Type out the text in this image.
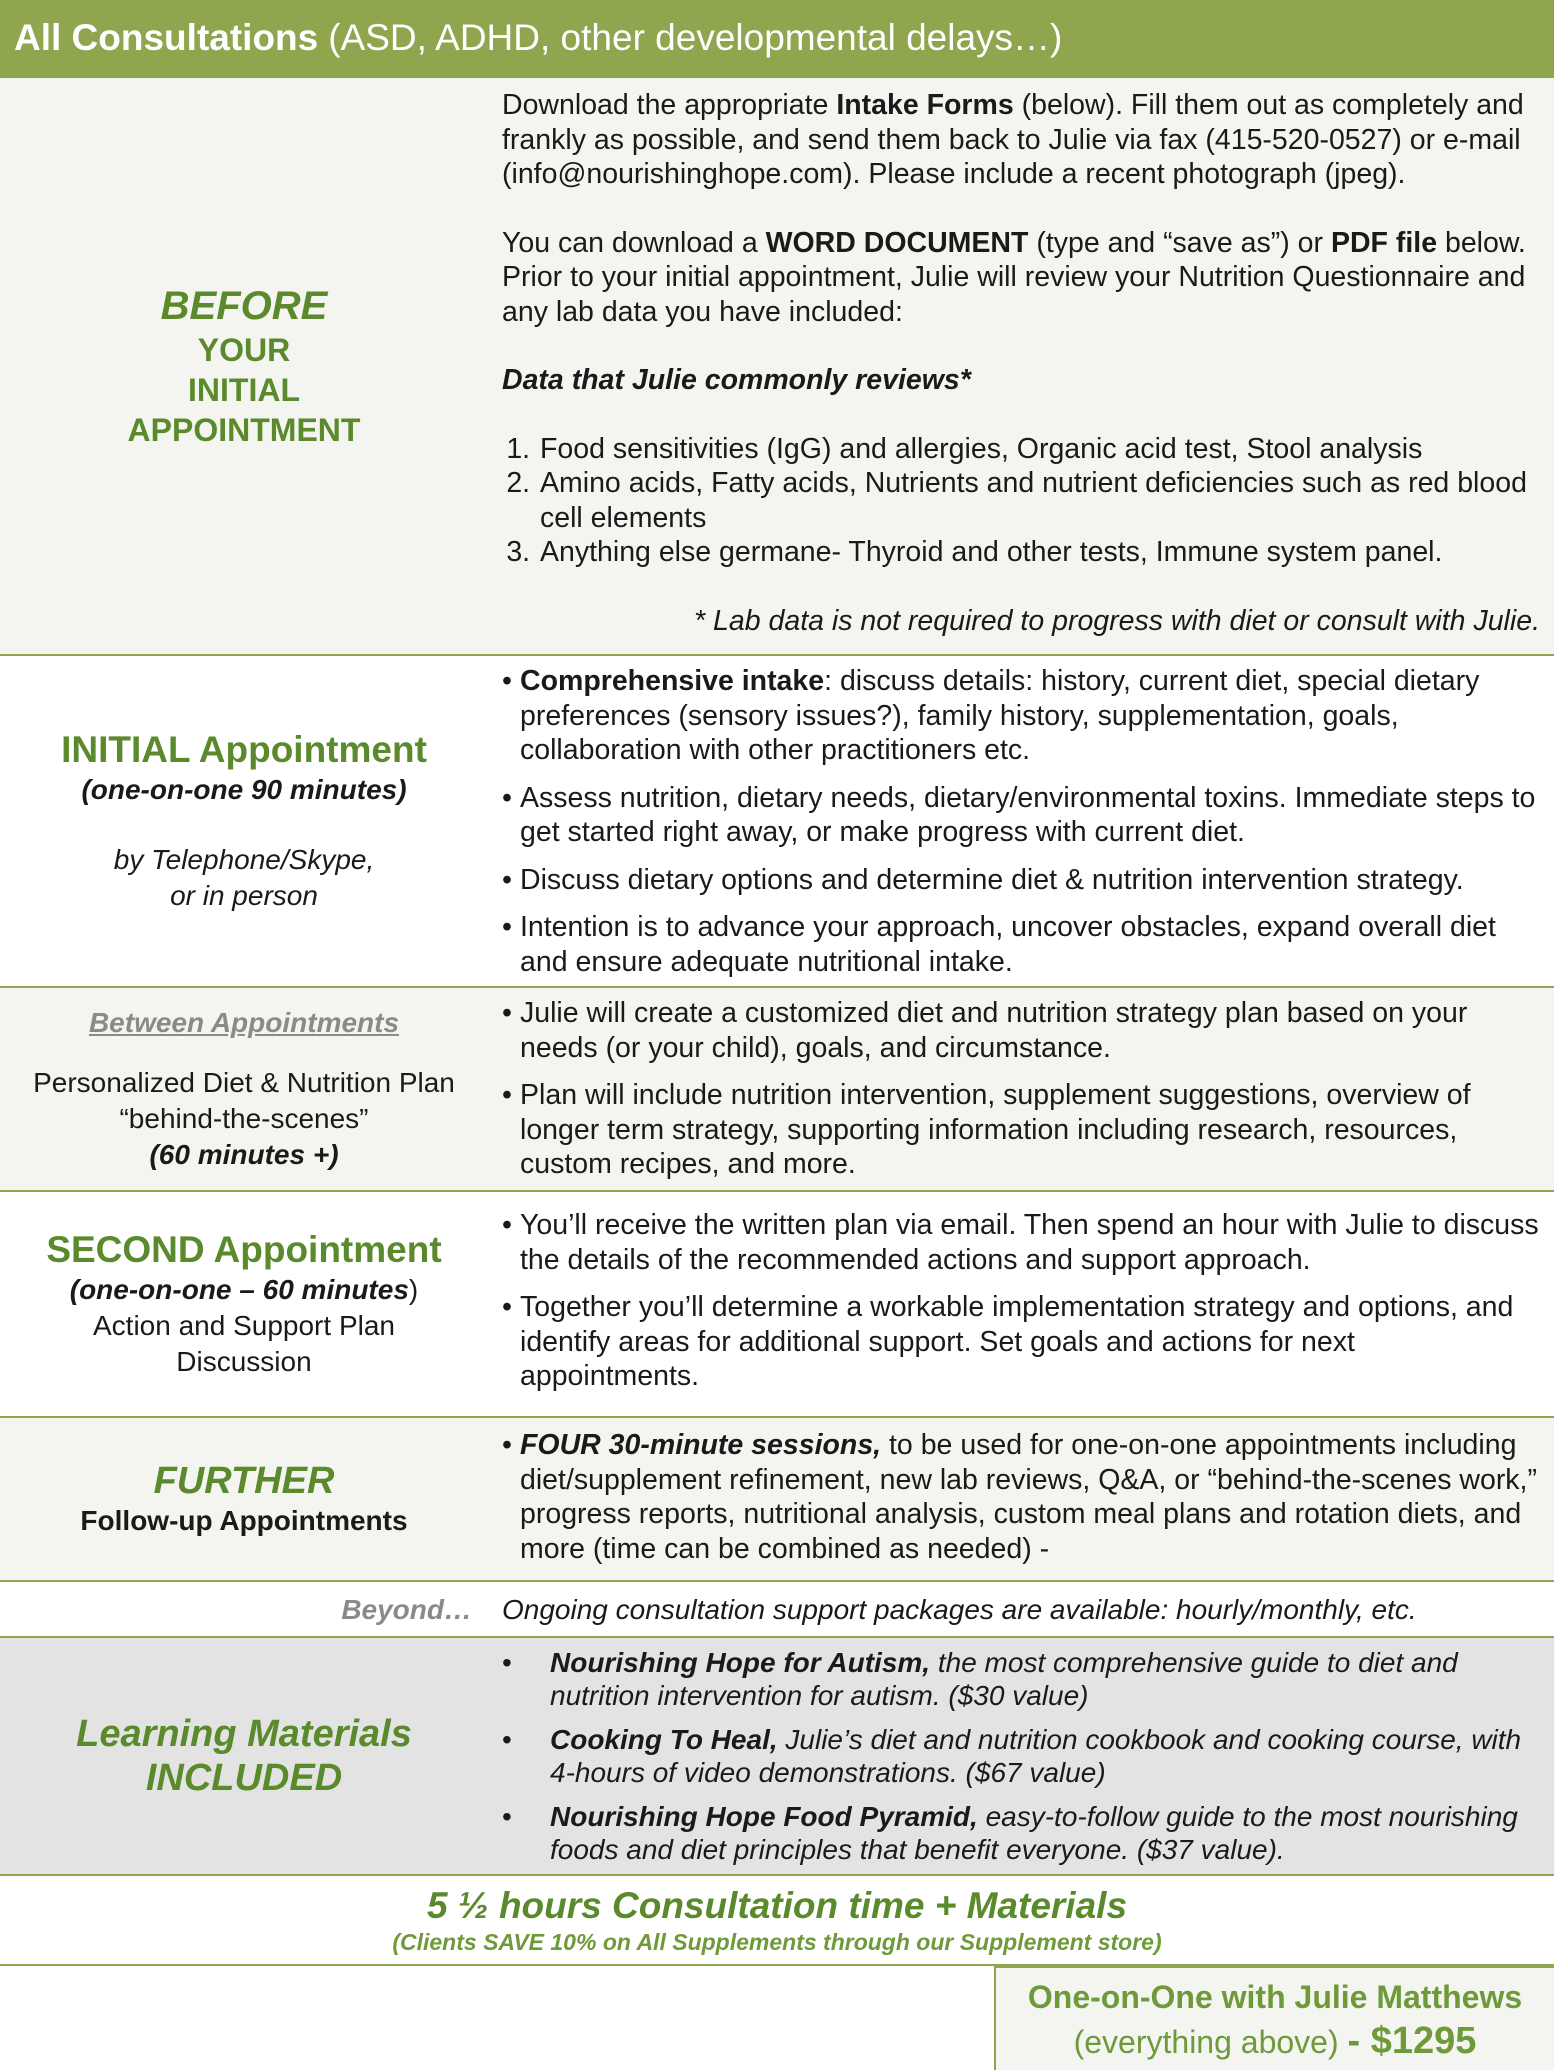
All Consultations (ASD, ADHD, other developmental delays…)
BEFORE
YOUR
INITIAL
APPOINTMENT

Download the appropriate Intake Forms (below). Fill them out as completely and frankly as possible, and send them back to Julie via fax (415-520-0527) or e-mail (info@nourishinghope.com). Please include a recent photograph (jpeg).

You can download a WORD DOCUMENT (type and “save as”) or PDF file below. Prior to your initial appointment, Julie will review your Nutrition Questionnaire and any lab data you have included:

Data that Julie commonly reviews*

1. Food sensitivities (IgG) and allergies, Organic acid test, Stool analysis
2. Amino acids, Fatty acids, Nutrients and nutrient deficiencies such as red blood cell elements
3. Anything else germane- Thyroid and other tests, Immune system panel.

* Lab data is not required to progress with diet or consult with Julie.

INITIAL Appointment
(one-on-one 90 minutes)
by Telephone/Skype,
or in person
• Comprehensive intake: discuss details: history, current diet, special dietary preferences (sensory issues?), family history, supplementation, goals, collaboration with other practitioners etc.
• Assess nutrition, dietary needs, dietary/environmental toxins. Immediate steps to get started right away, or make progress with current diet.
• Discuss dietary options and determine diet & nutrition intervention strategy.
• Intention is to advance your approach, uncover obstacles, expand overall diet and ensure adequate nutritional intake.
Between Appointments
Personalized Diet & Nutrition Plan
“behind-the-scenes”
(60 minutes +)
• Julie will create a customized diet and nutrition strategy plan based on your needs (or your child), goals, and circumstance.
• Plan will include nutrition intervention, supplement suggestions, overview of longer term strategy, supporting information including research, resources, custom recipes, and more.
SECOND Appointment
(one-on-one – 60 minutes)
Action and Support Plan
Discussion
• You’ll receive the written plan via email. Then spend an hour with Julie to discuss the details of the recommended actions and support approach.
• Together you’ll determine a workable implementation strategy and options, and identify areas for additional support. Set goals and actions for next appointments.
FURTHER
Follow-up Appointments
• FOUR 30-minute sessions, to be used for one-on-one appointments including diet/supplement refinement, new lab reviews, Q&A, or “behind-the-scenes work,” progress reports, nutritional analysis, custom meal plans and rotation diets, and more (time can be combined as needed) -
Beyond… Ongoing consultation support packages are available: hourly/monthly, etc.
Learning Materials
INCLUDED
• Nourishing Hope for Autism, the most comprehensive guide to diet and nutrition intervention for autism. ($30 value)
• Cooking To Heal, Julie’s diet and nutrition cookbook and cooking course, with 4-hours of video demonstrations. ($67 value)
• Nourishing Hope Food Pyramid, easy-to-follow guide to the most nourishing foods and diet principles that benefit everyone. ($37 value).
5 ½ hours Consultation time + Materials
(Clients SAVE 10% on All Supplements through our Supplement store)
One-on-One with Julie Matthews
(everything above) - $1295
